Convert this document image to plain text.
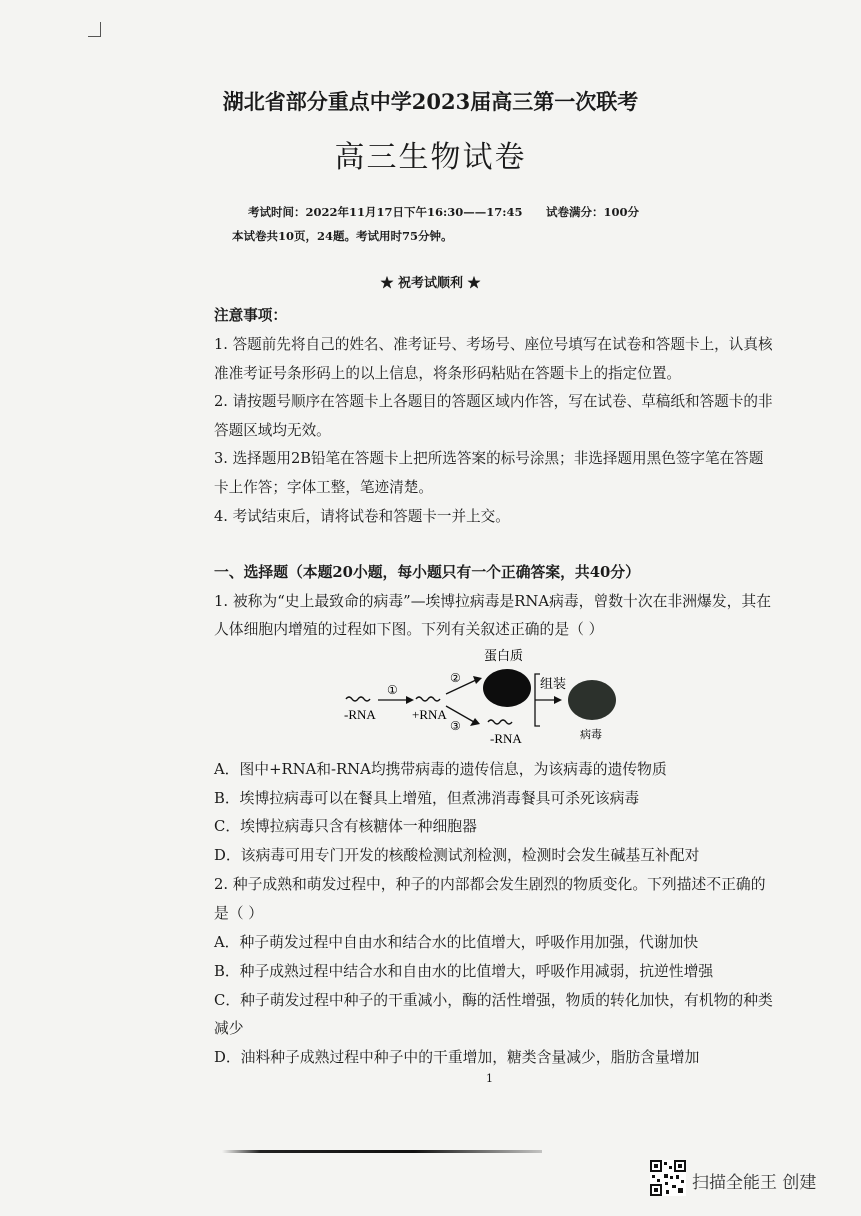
湖北省部分重点中学2023届高三第一次联考
高三生物试卷
考试时间：2022年11月17日下午16:30——17:45 试卷满分：100分
本试卷共10页，24题。考试用时75分钟。
★ 祝考试顺利 ★
注意事项：
1. 答题前先将自己的姓名、准考证号、考场号、座位号填写在试卷和答题卡上，认真核
准准考证号条形码上的以上信息，将条形码粘贴在答题卡上的指定位置。
2. 请按题号顺序在答题卡上各题目的答题区域内作答，写在试卷、草稿纸和答题卡的非
答题区域均无效。
3. 选择题用2B铅笔在答题卡上把所选答案的标号涂黑；非选择题用黑色签字笔在答题
卡上作答；字体工整，笔迹清楚。
4. 考试结束后，请将试卷和答题卡一并上交。
一、选择题（本题20小题，每小题只有一个正确答案，共40分）
1. 被称为“史上最致命的病毒”—埃博拉病毒是RNA病毒，曾数十次在非洲爆发，其在
人体细胞内增殖的过程如下图。下列有关叙述正确的是（ ）
-RNA
①
+RNA
②
③
蛋白质
-RNA
组装
病毒
A．图中+RNA和-RNA均携带病毒的遗传信息，为该病毒的遗传物质
B．埃博拉病毒可以在餐具上增殖，但煮沸消毒餐具可杀死该病毒
C．埃博拉病毒只含有核糖体一种细胞器
D．该病毒可用专门开发的核酸检测试剂检测，检测时会发生碱基互补配对
2. 种子成熟和萌发过程中，种子的内部都会发生剧烈的物质变化。下列描述不正确的
是（ ）
A．种子萌发过程中自由水和结合水的比值增大，呼吸作用加强，代谢加快
B．种子成熟过程中结合水和自由水的比值增大，呼吸作用减弱，抗逆性增强
C．种子萌发过程中种子的干重减小，酶的活性增强，物质的转化加快，有机物的种类
减少
D．油料种子成熟过程中种子中的干重增加，糖类含量减少，脂肪含量增加
1
扫描全能王 创建
